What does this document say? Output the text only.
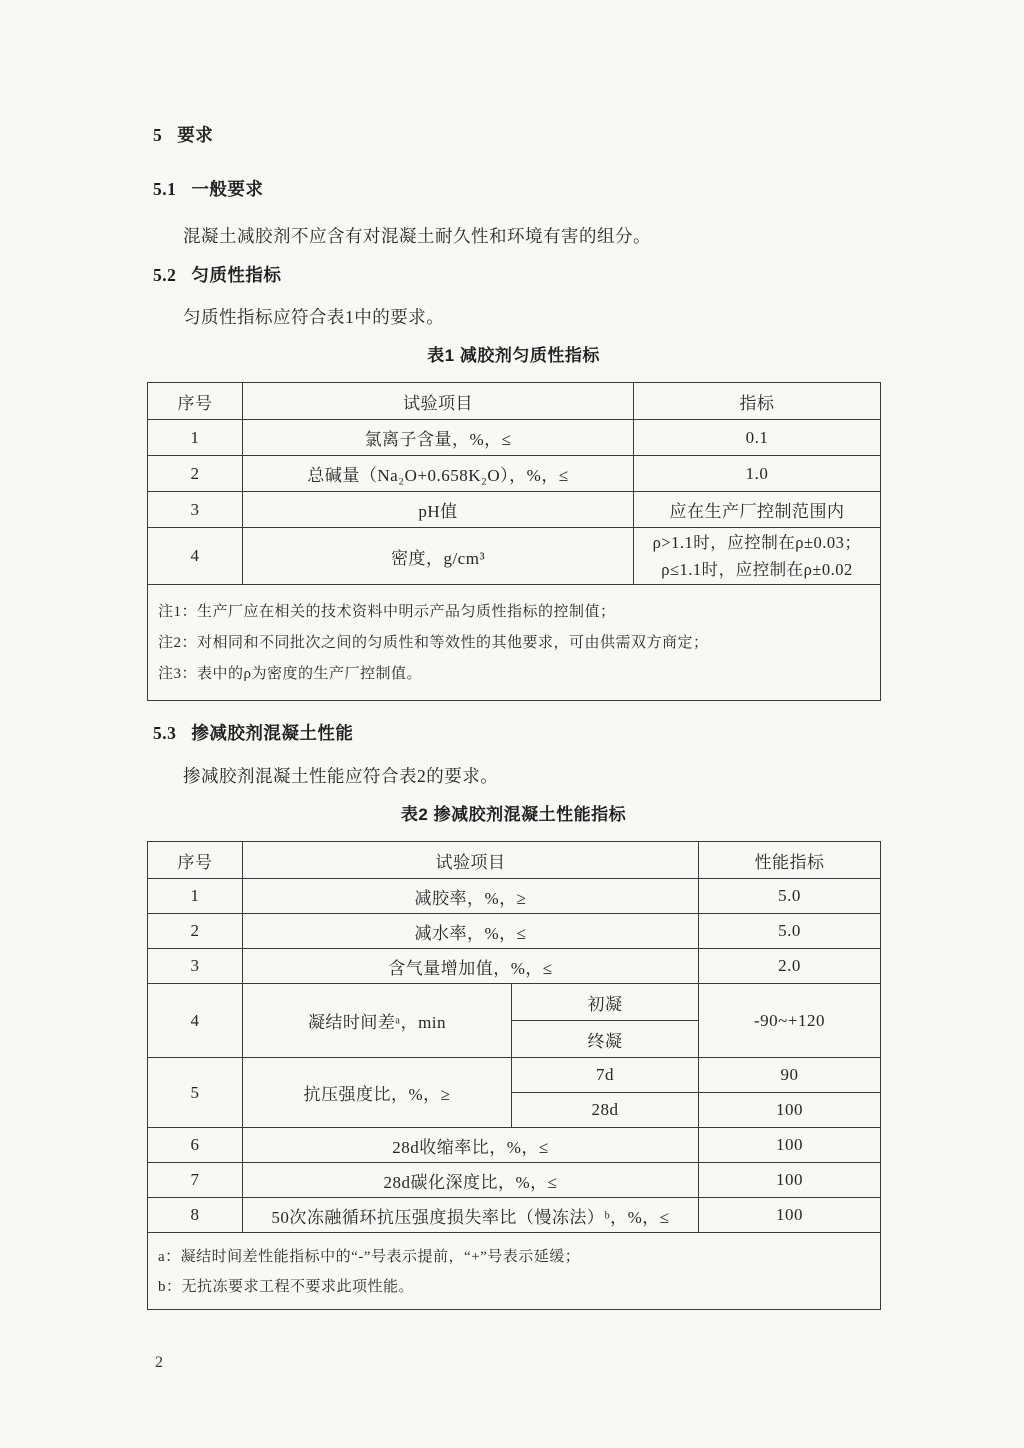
5 要求
5.1 一般要求

混凝土减胶剂不应含有对混凝土耐久性和环境有害的组分。

5.2 匀质性指标

匀质性指标应符合表1中的要求。

表1 减胶剂匀质性指标
序号	试验项目	指标
1	氯离子含量，%，≤	0.1
2	总碱量（Na₂O+0.658K₂O），%，≤	1.0
3	pH值	应在生产厂控制范围内
4	密度，g/cm³	ρ>1.1时，应控制在ρ±0.03；
ρ≤1.1时，应控制在ρ±0.02

注1：生产厂应在相关的技术资料中明示产品匀质性指标的控制值；
注2：对相同和不同批次之间的匀质性和等效性的其他要求，可由供需双方商定；
注3：表中的ρ为密度的生产厂控制值。		
5.3 掺减胶剂混凝土性能

掺减胶剂混凝土性能应符合表2的要求。

表2 掺减胶剂混凝土性能指标
序号	试验项目		性能指标
1	减胶率，%，≥		5.0
2	减水率，%，≤		5.0
3	含气量增加值，%，≤		2.0
4	凝结时间差ᵃ，min	初凝	-90~+120
		终凝	
5	抗压强度比，%，≥	7d	90
		28d	100
6	28d收缩率比，%，≤		100
7	28d碳化深度比，%，≤		100
8	50次冻融循环抗压强度损失率比（慢冻法）ᵇ，%，≤		100

a：凝结时间差性能指标中的“-”号表示提前，“+”号表示延缓；
b：无抗冻要求工程不要求此项性能。			
2
